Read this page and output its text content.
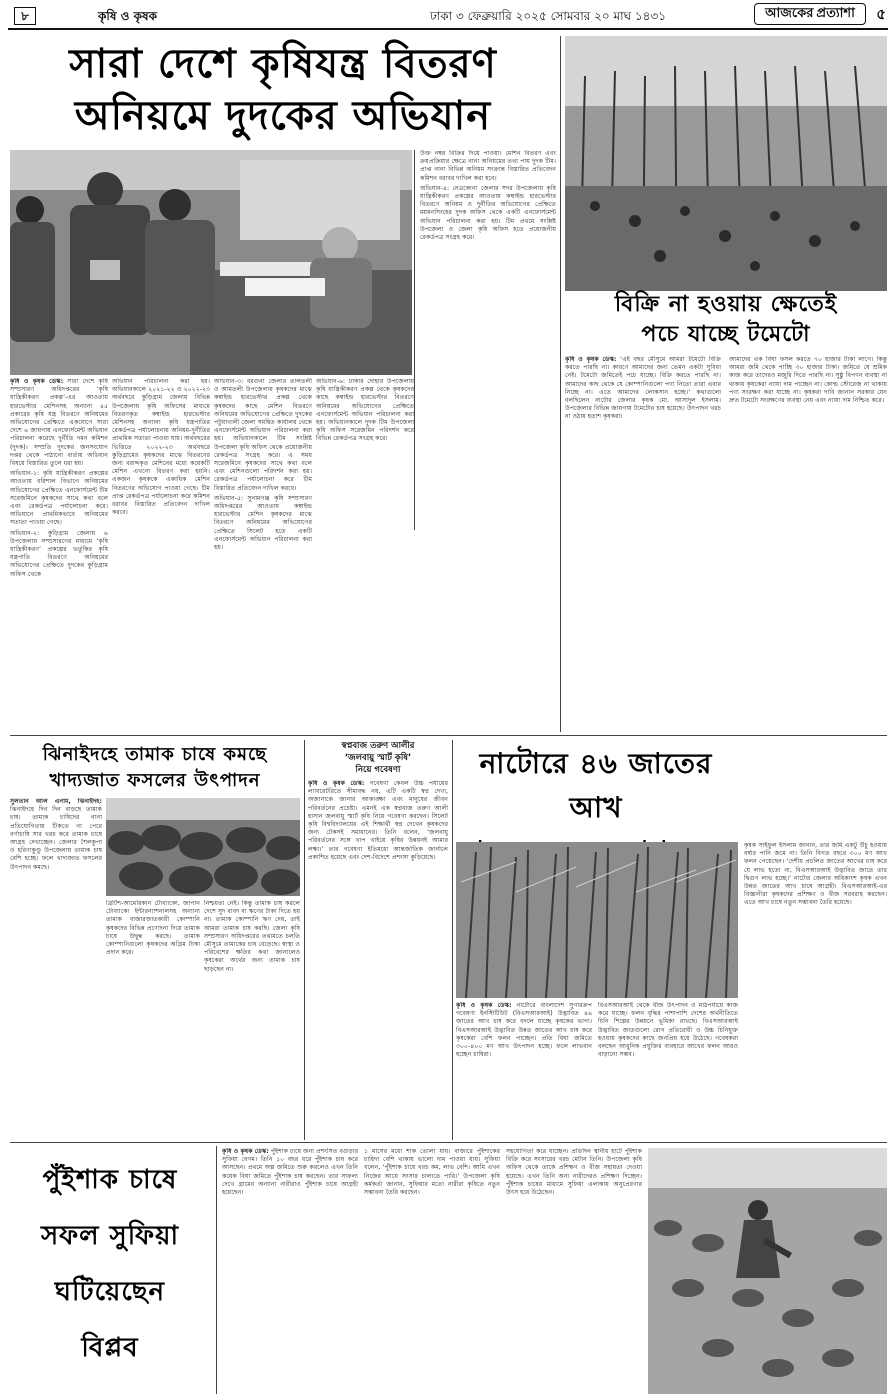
৮	কৃষি ও কৃষক	ঢাকা ৩ ফেব্রুয়ারি ২০২৫ সোমবার ২০ মাঘ ১৪৩১	আজকের প্রত্যাশা ৫
সারা দেশে কৃষিযন্ত্র বিতরণ
অনিয়মে দুদকের অভিযান

কৃষি ও কৃষক ডেস্ক: সারা দেশে কৃষি সম্প্রসারণ অধিদপ্তরের ‘কৃষি যান্ত্রিকীকরণ প্রকল্প’-এর আওতায় হারভেস্টার মেশিনসহ অন্যান্য ৪৫ প্রকারের কৃষি যন্ত্র বিতরণে অনিয়মের অভিযোগের প্রেক্ষিতে একযোগে সারা দেশে ৬ জায়গায় এনফোর্সমেন্ট অভিযান পরিচালনা করেছে দুর্নীতি দমন কমিশন (দুদক)। সম্প্রতি দুদকের জনসংযোগ দপ্তর থেকে পাঠানো বার্তায় অভিযান বিষয়ে বিস্তারিত তুলে ধরা হয়।

অভিযান-১: কৃষি যান্ত্রিকীকরণ প্রকল্পের আওতায় বরিশাল বিভাগে অনিয়মের অভিযোগের প্রেক্ষিতে এনফোর্সমেন্ট টিম সরেজমিনে কৃষকদের সাথে কথা বলে এবং রেকর্ডপত্র পর্যালোচনা করে। অভিযানে প্রাথমিকভাবে অনিয়মের সত্যতা পাওয়া গেছে।

অভিযান-২: কুড়িগ্রাম জেলায় ৬ উপজেলায় সম্প্রসারণের মাধ্যমে ‘কৃষি যান্ত্রিকীকরণ’ প্রকল্পের ভর্তুকির কৃষি যন্ত্রপাতি বিতরণে অনিয়মের অভিযোগের প্রেক্ষিতে দুদকের কুড়িগ্রাম অফিস থেকে

অভিযান পরিচালনা করা হয়। অভিযানকালে ২০২১-২২ ও ২০২২-২৩ অর্থবছরে কুড়িগ্রাম জেলায় বিভিন্ন উপজেলায় কৃষি অফিসের মাধ্যমে বিতরণকৃত কম্বাইন্ড হারভেস্টার মেশিনসহ অন্যান্য কৃষি যন্ত্রপাতির রেকর্ডপত্র পর্যালোচনায় অনিয়ম-দুর্নীতির প্রাথমিক সত্যতা পাওয়া যায়। অর্থবছরের ভিত্তিতে ২০২২-২৩ অর্থবছরে কুড়িগ্রামের কৃষকদের মাঝে বিতরণের জন্য বরাদ্দকৃত মেশিনের মধ্যে কয়েকটি মেশিন এখনো বিতরণ করা হয়নি। একজন কৃষককে একাধিক মেশিন বিতরণের অভিযোগ পাওয়া গেছে। টিম প্রাপ্ত রেকর্ডপত্র পর্যালোচনা করে কমিশন বরাবর বিস্তারিত প্রতিবেদন দাখিল করবে।

অভিযান-৩: বরগুনা জেলার তালতলী ও আমতলী উপজেলায় কৃষকদের মাঝে কম্বাইন্ড হারভেস্টার প্রকল্প থেকে কৃষকদের কাছে মেশিন বিতরণে অনিয়মের অভিযোগের প্রেক্ষিতে দুদকের পটুয়াখালী জেলা সমন্বিত কার্যালয় থেকে এনফোর্সমেন্ট অভিযান পরিচালনা করা হয়। অভিযানকালে টিম সংশ্লিষ্ট উপজেলা কৃষি অফিস থেকে প্রয়োজনীয় রেকর্ডপত্র সংগ্রহ করে। এ সময় সরেজমিনে কৃষকদের সাথে কথা বলে এবং মেশিনগুলো পরিদর্শন করা হয়। রেকর্ডপত্র পর্যালোচনা করে টিম বিস্তারিত প্রতিবেদন দাখিল করবে।

অভিযান-৫: সুনামগঞ্জ কৃষি সম্প্রসারণ অধিদপ্তরের আওতায় কম্বাইন্ড হারভেস্টার মেশিন কৃষকদের মাঝে বিতরণে অনিয়মের অভিযোগের প্রেক্ষিতে সিলেট হতে একটি এনফোর্সমেন্ট অভিযান পরিচালনা করা হয়।

অভিযান-৬: ঢাকার দোহার উপজেলায় কৃষি যান্ত্রিকীকরণ প্রকল্প থেকে কৃষকদের কাছে কম্বাইন্ড হারভেস্টার বিতরণে অনিয়মের অভিযোগের প্রেক্ষিতে এনফোর্সমেন্ট অভিযান পরিচালনা করা হয়। অভিযানকালে দুদক টিম উপজেলা কৃষি অফিস সরেজমিন পরিদর্শন করে বিভিন্ন রেকর্ডপত্র সংগ্রহ করে।

উক্ত নম্বর বিক্রির দিয়ে পাওয়া। মেশিন বিতরণ এবং ক্রয়প্রক্রিয়ার ক্ষেত্রে নানা অনিয়মের তথ্য পায় দুদক টিম। প্রাপ্ত নানা বিভিন্ন অনিয়ম সংক্রান্ত বিস্তারিত প্রতিবেদন কমিশন বরাবর দাখিল করা হবে।

অভিযান-৪: নেত্রকোনা জেলার সদর উপজেলায় কৃষি যান্ত্রিকীকরণ প্রকল্পের আওতায় কম্বাইন্ড হারভেস্টার বিতরণে অনিয়ম ও দুর্নীতির অভিযোগের প্রেক্ষিতে ময়মনসিংহের দুদক অফিস থেকে একটি এনফোর্সমেন্ট অভিযান পরিচালনা করা হয়। টিম প্রথমে সংশ্লিষ্ট উপজেলা ও জেলা কৃষি অফিস হতে প্রয়োজনীয় রেকর্ডপত্র সংগ্রহ করে।

বিক্রি না হওয়ায় ক্ষেতেই
পচে যাচ্ছে টমেটো

কৃষি ও কৃষক ডেস্ক: ‘এই বছর মৌসুমে আমরা টমেটো বিক্রি করতে পারছি না। কারণে আমাদের জন্য তেমন একটা সুবিধা নেই। টমেটো জমিতেই পচে যাচ্ছে। বিক্রি করতে পারছি না। আমাদের কাছ থেকে যে কোম্পানিগুলো পণ্য নিতো তারা এবার নিচ্ছে না। এতে আমাদের লোকসান হচ্ছে।’ কথাগুলো বলছিলেন নাটোর জেলার কৃষক মো. আসাদুল ইসলাম। উপজেলার বিভিন্ন জায়গায় টমেটোর চাষ হয়েছে। উৎপাদন খরচ না ওঠায় হতাশ কৃষকরা।

আমাদের এক বিঘা ফসল করতে ৭০ হাজার টাকা লাগে। কিন্তু আমরা জমি থেকে পাচ্ছি ৩০ হাজার টাকা। জমিতে যে শ্রমিক কাজ করে তাদেরও মজুরি দিতে পারছি না। সুষ্ঠু বিপণন ব্যবস্থা না থাকায় কৃষকেরা ন্যায্য দাম পাচ্ছেন না। কোল্ড স্টোরেজ না থাকায় পণ্য সংরক্ষণ করা যাচ্ছে না। কৃষকরা দাবি জানান সরকার যেন দ্রুত টমেটো সংরক্ষণের ব্যবস্থা নেয় এবং ন্যায্য দাম নিশ্চিত করে।

ঝিনাইদহে তামাক চাষে কমছে
খাদ্যজাত ফসলের উৎপাদন

সুলতান আল এনাম, ঝিনাইদহ: ঝিনাইদহে দিন দিন বাড়ছে তামাক চাষ। তামাক চাষিদের নানা প্রতিযোগিতায় টিকতে না পেরে বর্গাচাষি সার খরচ করে তামাক চাষে আগ্রহ দেখাচ্ছেন। জেলার শৈলকুপা ও হরিণাকুণ্ডু উপজেলায় তামাক চাষ বেশি হচ্ছে। ফলে খাদ্যজাত ফসলের উৎপাদন কমছে।

ব্রিটিশ-আমেরিকান টোব্যাকো, জাপান টোব্যাকো ইন্টারন্যাশনালসহ অন্যান্য তামাক বাজারজাতকারী কোম্পানি কৃষকদের বিভিন্ন প্রণোদনা দিয়ে তামাক চাষে উদ্বুদ্ধ করছে। তামাক কোম্পানিগুলো কৃষকদের অগ্রিম টাকা প্রদান করে।

নিশ্চয়তা নেই। কিন্তু তামাক চাষ করলে দেশে সুদ বাবদ বা ঋণের টাকা দিতে হয় না। তামাক কোম্পানি ঋণ দেয়, তাই আমরা তামাক চাষ করছি। জেলা কৃষি সম্প্রসারণ অধিদপ্তরের তথ্যমতে চলতি মৌসুমে তামাকের চাষ বেড়েছে। স্বাস্থ্য ও পরিবেশের ক্ষতির কথা জানালেও কৃষকেরা অর্থের জন্য তামাক চাষ ছাড়ছেন না।

স্বপ্নবাজ তরুণ আলীর
‘জলবায়ু স্মার্ট কৃষি’
নিয়ে গবেষণা

কৃষি ও কৃষক ডেস্ক: গবেষণা কেবল উচ্চ পর্যায়ের ল্যাবরেটরিতে সীমাবদ্ধ নয়, এটি একটি স্বপ্ন দেখা, অজানাকে জানার আকাঙ্ক্ষা এবং মানুষের জীবন পরিবর্তনের প্রচেষ্টা। এমনই এক স্বপ্নবাজ তরুণ আলী হাসান জলবায়ু স্মার্ট কৃষি নিয়ে গবেষণা করছেন। সিলেট কৃষি বিশ্ববিদ্যালয়ের এই শিক্ষার্থী স্বপ্ন দেখেন কৃষকদের জন্য টেকসই সমাধানের। তিনি বলেন, ‘জলবায়ু পরিবর্তনের সঙ্গে খাপ খাইয়ে কৃষির উন্নয়নই আমার লক্ষ্য।’ তার গবেষণা ইতিমধ্যে আন্তর্জাতিক জার্নালে প্রকাশিত হয়েছে এবং দেশ-বিদেশে প্রশংসা কুড়িয়েছে।

নাটোরে ৪৬ জাতের আখ

কৃষি ও কৃষক ডেস্ক: নাটোরে বাংলাদেশ সুগারক্রপ গবেষণা ইনস্টিটিউট (বিএসআরআই) উদ্ভাবিত ৪৬ জাতের আখ চাষ করে বদলে যাচ্ছে কৃষকের ভাগ্য। বিএসআরআই উদ্ভাবিত উন্নত জাতের আখ চাষ করে কৃষকেরা বেশি ফলন পাচ্ছেন। প্রতি বিঘা জমিতে ৩০০-৪০০ মণ আখ উৎপাদন হচ্ছে। ফলে লাভবান হচ্ছেন চাষিরা।

বিএসআরআই থেকে বীজ উৎপাদন ও মাঠপর্যায়ে কাজ করে যাচ্ছে। ফলন বৃদ্ধির পাশাপাশি দেশের অর্থনীতিতে চিনি শিল্পের উন্নয়নে ভূমিকা রাখছে। বিএসআরআই উদ্ভাবিত জাতগুলো রোগ প্রতিরোধী ও উচ্চ চিনিযুক্ত হওয়ায় কৃষকদের কাছে জনপ্রিয় হয়ে উঠেছে। গবেষকরা বলছেন আধুনিক প্রযুক্তির ব্যবহারে আখের ফলন আরও বাড়ানো সম্ভব।

কৃষক সাইফুল ইসলাম জানান, তার জমি একটু উঁচু হওয়ায় বর্ষার পানি জমে না। তিনি বিগত বছরে ৩০০ মণ আখ ফলন পেয়েছেন। ‘দেশীয় প্রচলিত জাতের আখের চাষ করে যে লাভ হতো না, বিএসআরআই উদ্ভাবিত জাতে তার দ্বিগুণ লাভ হচ্ছে।’ নাটোর জেলার অধিকাংশ কৃষক এখন উন্নত জাতের আখ চাষে আগ্রহী। বিএসআরআই-এর বিজ্ঞানীরা কৃষকদের প্রশিক্ষণ ও বীজ সরবরাহ করছেন। এতে আখ চাষে নতুন সম্ভাবনা তৈরি হয়েছে।

পুঁইশাক চাষে
সফল সুফিয়া
ঘটিয়েছেন
বিপ্লব

কৃষি ও কৃষক ডেস্ক: পুঁইশাক চাষে জন্য প্রশংসিত বগুড়ার সুফিয়া বেগম। তিনি ১০ বছর ধরে পুঁইশাক চাষ করে আসছেন। প্রথমে অল্প জমিতে শুরু করলেও এখন তিনি কয়েক বিঘা জমিতে পুঁইশাক চাষ করছেন। তার সাফল্য দেখে গ্রামের অন্যান্য নারীরাও পুঁইশাক চাষে আগ্রহী হয়েছেন।

১ মাসের মধ্যে শাক তোলা যায়। বাজারে পুঁইশাকের চাহিদা বেশি থাকায় ভালো দাম পাওয়া যায়। সুফিয়া বলেন, ‘পুঁইশাক চাষে খরচ কম, লাভ বেশি। আমি এখন নিজের আয়ে সংসার চালাতে পারি।’ উপজেলা কৃষি কর্মকর্তা জানান, সুফিয়ার মতো নারীরা কৃষিতে নতুন সম্ভাবনা তৈরি করছেন।

সহযোগিতা করে যাচ্ছেন। প্রতিদিন স্থানীয় হাটে পুঁইশাক বিক্রি করে সংসারের খরচ মেটান তিনি। উপজেলা কৃষি অফিস থেকে তাকে প্রশিক্ষণ ও বীজ সহায়তা দেওয়া হয়েছে। এখন তিনি অন্য নারীদেরও প্রশিক্ষণ দিচ্ছেন। পুঁইশাক চাষের মাধ্যমে সুফিয়া এলাকায় অনুপ্রেরণার উৎস হয়ে উঠেছেন।
